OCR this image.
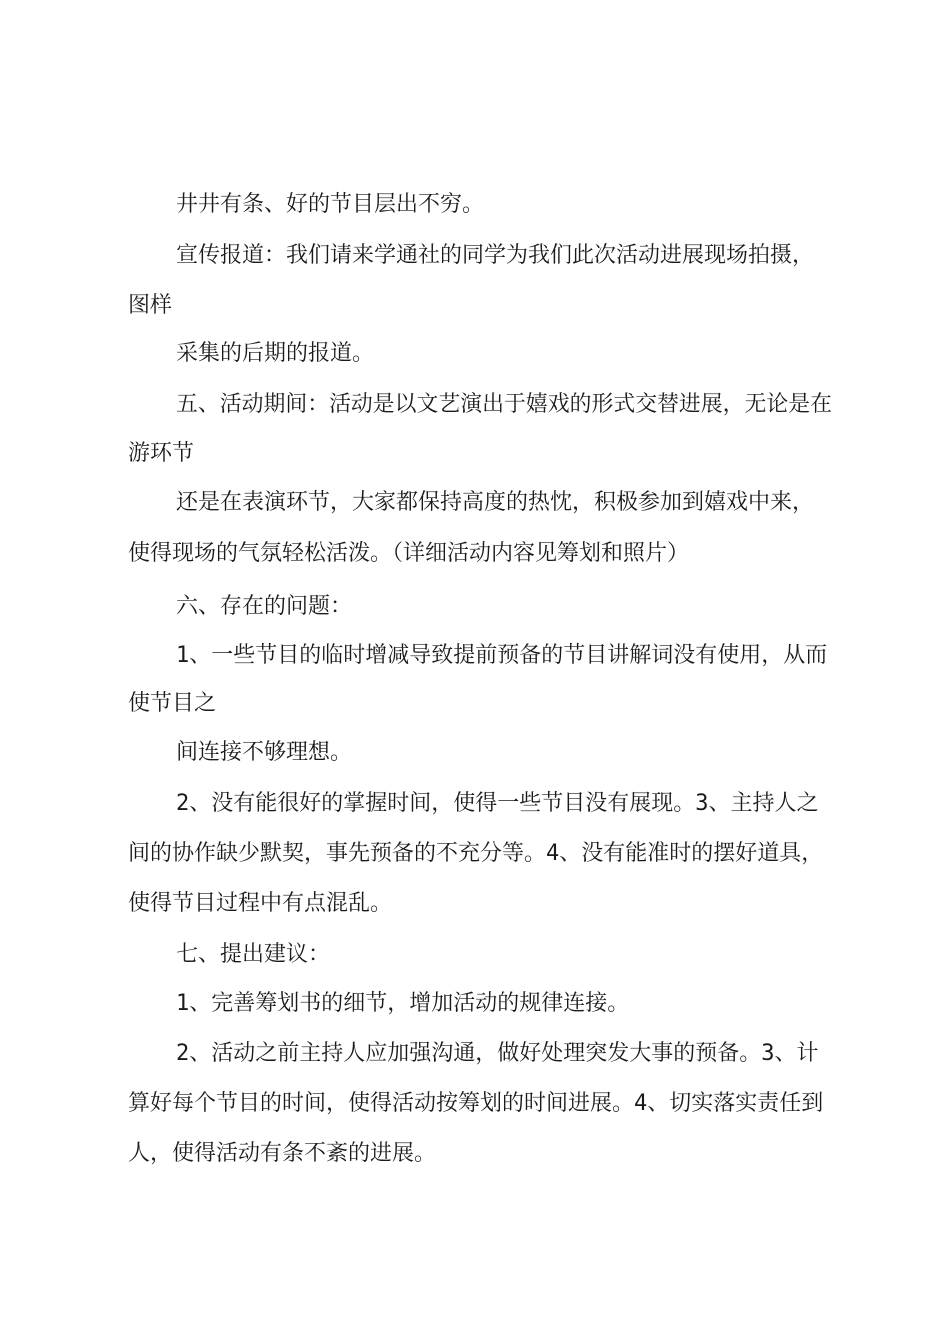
井井有条、好的节目层出不穷。
宣传报道：我们请来学通社的同学为我们此次活动进展现场拍摄，
图样
采集的后期的报道。
五、活动期间：活动是以文艺演出于嬉戏的形式交替进展，无论是在
游环节
还是在表演环节，大家都保持高度的热忱，积极参加到嬉戏中来，
使得现场的气氛轻松活泼。（详细活动内容见筹划和照片）
六、存在的问题：
1、一些节目的临时增减导致提前预备的节目讲解词没有使用，从而
使节目之
间连接不够理想。
2、没有能很好的掌握时间，使得一些节目没有展现。3、主持人之
间的协作缺少默契，事先预备的不充分等。4、没有能准时的摆好道具，
使得节目过程中有点混乱。
七、提出建议：
1、完善筹划书的细节，增加活动的规律连接。
2、活动之前主持人应加强沟通，做好处理突发大事的预备。3、计
算好每个节目的时间，使得活动按筹划的时间进展。4、切实落实责任到
人，使得活动有条不紊的进展。
